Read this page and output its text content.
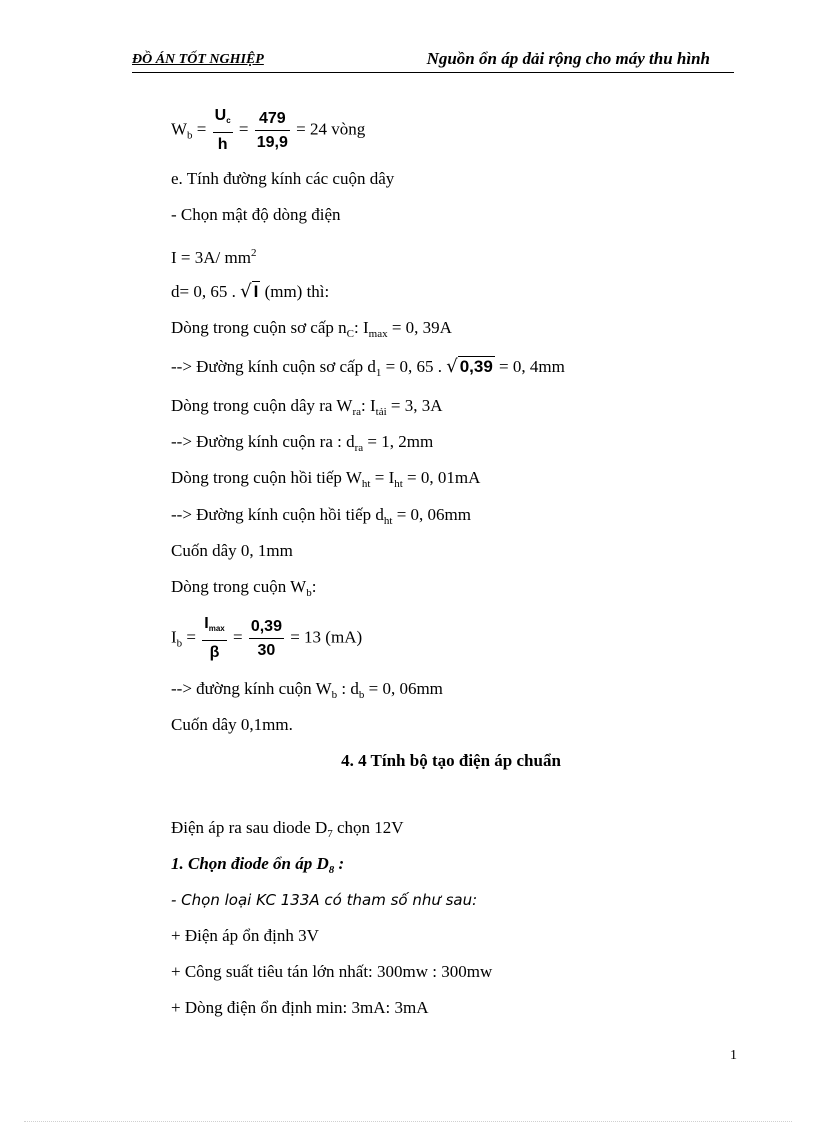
ĐỒ ÁN TỐT NGHIỆP	Nguồn ổn áp dải rộng cho máy thu hình
$W_b = \frac{Uc}{h} = \frac{479}{19,9} = 24$ vòng
e. Tính đường kính các cuộn dây
- Chọn mật độ dòng điện
I = 3A/ $mm^2$
d= 0, 65 . √ I (mm) thì:
Dòng trong cuộn sơ cấp $n_C$: $I_{max} = 0$, 39A
--> Đường kính cuộn sơ cấp $d_1 = 0$, 65 . √ 0,39 = 0, 4mm
Dòng trong cuộn dây ra $W_{ra}$: $I_{tải} = 3$, 3A
--> Đường kính cuộn ra : $d_{ra} = 1$, 2mm
Dòng trong cuộn hồi tiếp $W_{ht} = I_{ht} = 0$, 01mA
--> Đường kính cuộn hồi tiếp $d_{ht} = 0$, 06mm
Cuốn dây 0, 1mm
Dòng trong cuộn $W_b$:
$I_b = \frac{Imax}{\beta} = \frac{0,39}{30} = 13$ (mA)
--> đường kính cuộn $W_b$ : $d_b = 0$, 06mm
Cuốn dây 0,1mm.
4. 4 Tính bộ tạo điện áp chuẩn
Điện áp ra sau diode $D_7$ chọn 12V
1. Chọn điode ổn áp $D_8$ :
- Chọn loại KC 133A có tham số như sau:
+ Điện áp ổn định 3V
+ Công suất tiêu tán lớn nhất: 300mw : 300mw
+ Dòng điện ổn định min: 3mA: 3mA
1
